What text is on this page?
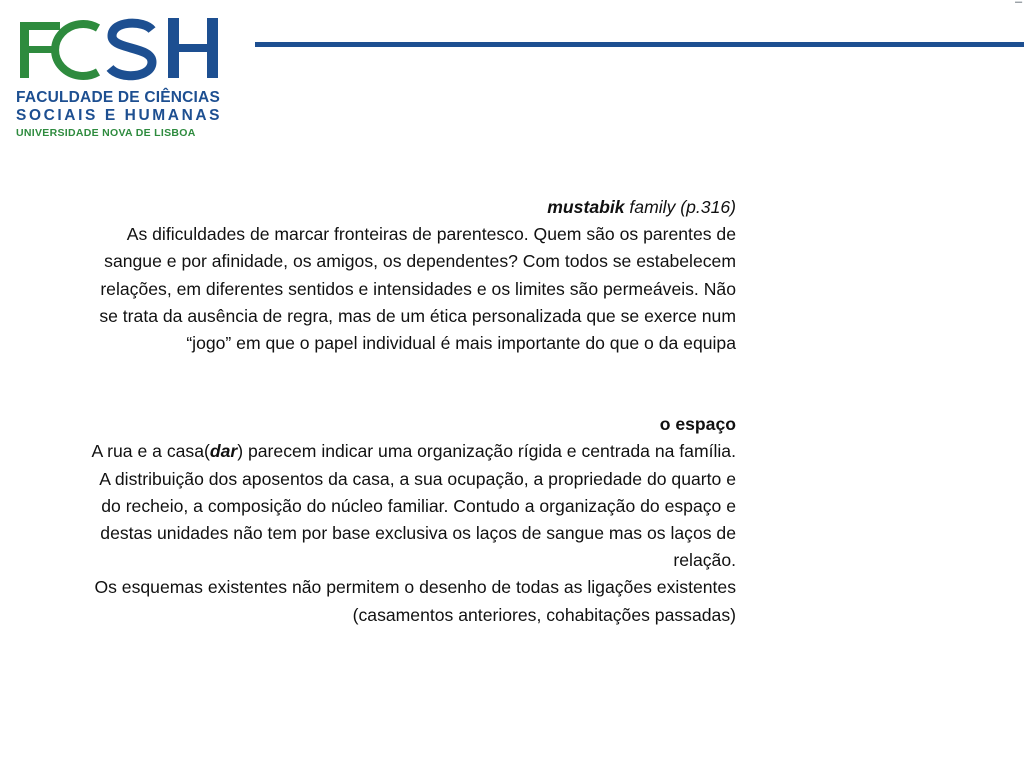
FACULDADE DE CIÊNCIAS
SOCIAIS E HUMANAS
UNIVERSIDADE NOVA DE LISBOA
▔

mustabik family (p.316)

As dificuldades de marcar fronteiras de parentesco. Quem são os parentes de sangue e por afinidade, os amigos, os dependentes? Com todos se estabelecem relações, em diferentes sentidos e intensidades e os limites são permeáveis. Não se trata da ausência de regra, mas de um ética personalizada que se exerce num “jogo” em que o papel individual é mais importante do que o da equipa

o espaço

A rua e a casa(dar) parecem indicar uma organização rígida e centrada na família. A distribuição dos aposentos da casa, a sua ocupação, a propriedade do quarto e do recheio, a composição do núcleo familiar. Contudo a organização do espaço e destas unidades não tem por base exclusiva os laços de sangue mas os laços de relação.

Os esquemas existentes não permitem o desenho de todas as ligações existentes (casamentos anteriores, cohabitações passadas)
